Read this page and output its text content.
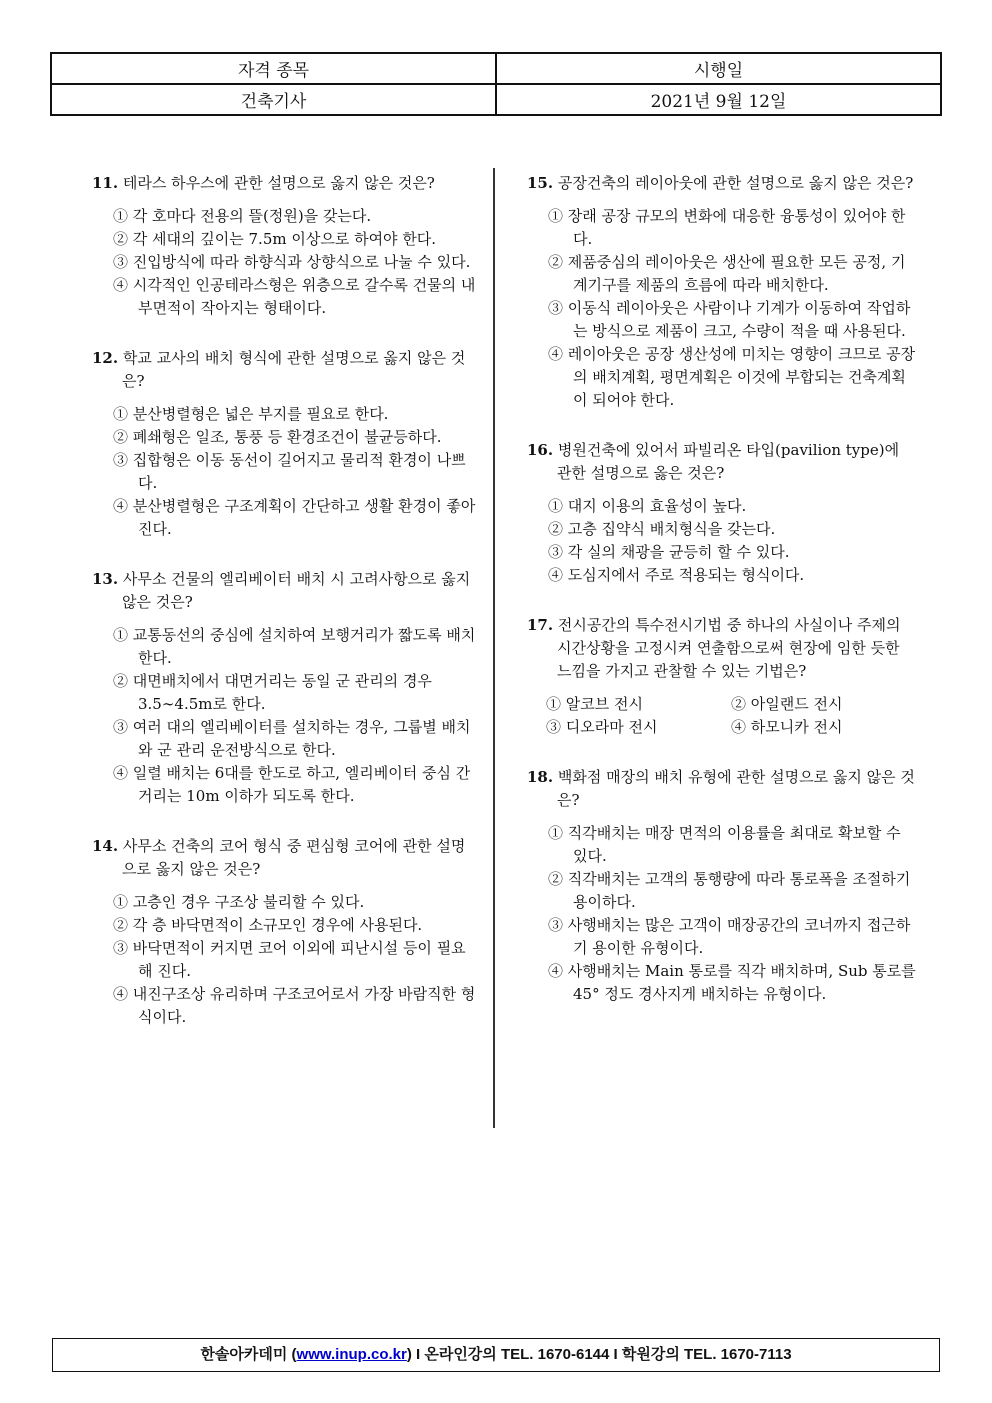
자격 종목	시행일
건축기사	2021년 9월 12일
11. 테라스 하우스에 관한 설명으로 옳지 않은 것은?
① 각 호마다 전용의 뜰(정원)을 갖는다.
② 각 세대의 깊이는 7.5m 이상으로 하여야 한다.
③ 진입방식에 따라 하향식과 상향식으로 나눌 수 있다.
④ 시각적인 인공테라스형은 위층으로 갈수록 건물의 내부면적이 작아지는 형태이다.
12. 학교 교사의 배치 형식에 관한 설명으로 옳지 않은 것은?
① 분산병렬형은 넓은 부지를 필요로 한다.
② 폐쇄형은 일조, 통풍 등 환경조건이 불균등하다.
③ 집합형은 이동 동선이 길어지고 물리적 환경이 나쁘다.
④ 분산병렬형은 구조계획이 간단하고 생활 환경이 좋아진다.
13. 사무소 건물의 엘리베이터 배치 시 고려사항으로 옳지 않은 것은?
① 교통동선의 중심에 설치하여 보행거리가 짧도록 배치한다.
② 대면배치에서 대면거리는 동일 군 관리의 경우 3.5∼4.5m로 한다.
③ 여러 대의 엘리베이터를 설치하는 경우, 그룹별 배치와 군 관리 운전방식으로 한다.
④ 일렬 배치는 6대를 한도로 하고, 엘리베이터 중심 간 거리는 10m 이하가 되도록 한다.
14. 사무소 건축의 코어 형식 중 편심형 코어에 관한 설명으로 옳지 않은 것은?
① 고층인 경우 구조상 불리할 수 있다.
② 각 층 바닥면적이 소규모인 경우에 사용된다.
③ 바닥면적이 커지면 코어 이외에 피난시설 등이 필요해 진다.
④ 내진구조상 유리하며 구조코어로서 가장 바람직한 형식이다.
15. 공장건축의 레이아웃에 관한 설명으로 옳지 않은 것은?
① 장래 공장 규모의 변화에 대응한 융통성이 있어야 한다.
② 제품중심의 레이아웃은 생산에 필요한 모든 공정, 기계기구를 제품의 흐름에 따라 배치한다.
③ 이동식 레이아웃은 사람이나 기계가 이동하여 작업하는 방식으로 제품이 크고, 수량이 적을 때 사용된다.
④ 레이아웃은 공장 생산성에 미치는 영향이 크므로 공장의 배치계획, 평면계획은 이것에 부합되는 건축계획이 되어야 한다.
16. 병원건축에 있어서 파빌리온 타입(pavilion type)에 관한 설명으로 옳은 것은?
① 대지 이용의 효율성이 높다.
② 고층 집약식 배치형식을 갖는다.
③ 각 실의 채광을 균등히 할 수 있다.
④ 도심지에서 주로 적용되는 형식이다.
17. 전시공간의 특수전시기법 중 하나의 사실이나 주제의 시간상황을 고정시켜 연출함으로써 현장에 임한 듯한 느낌을 가지고 관찰할 수 있는 기법은?
① 알코브 전시	② 아일랜드 전시
③ 디오라마 전시	④ 하모니카 전시
18. 백화점 매장의 배치 유형에 관한 설명으로 옳지 않은 것은?
① 직각배치는 매장 면적의 이용률을 최대로 확보할 수 있다.
② 직각배치는 고객의 통행량에 따라 통로폭을 조절하기 용이하다.
③ 사행배치는 많은 고객이 매장공간의 코너까지 접근하기 용이한 유형이다.
④ 사행배치는 Main 통로를 직각 배치하며, Sub 통로를 45° 정도 경사지게 배치하는 유형이다.
한솔아카데미 (www.inup.co.kr) I 온라인강의 TEL. 1670-6144 I 학원강의 TEL. 1670-7113
